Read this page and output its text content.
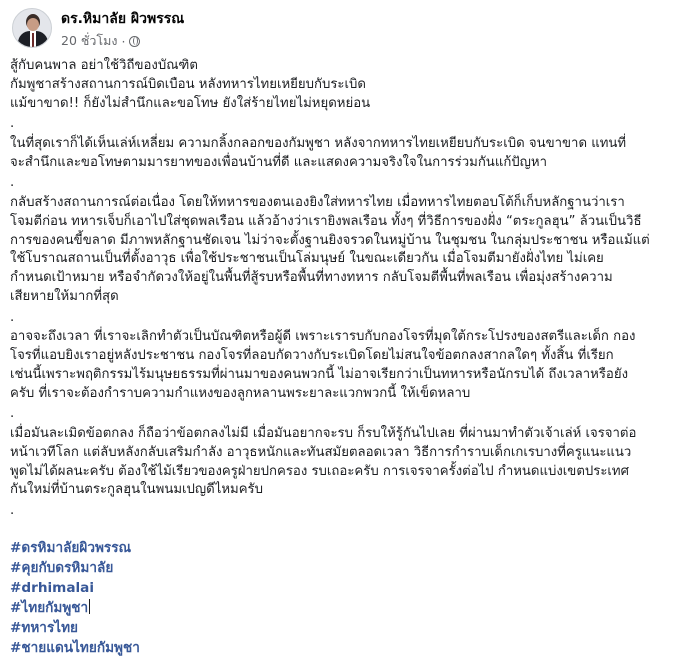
ดร.หิมาลัย ผิวพรรณ
20 ชั่วโมง ·
สู้กับคนพาล อย่าใช้วิถีของบัณฑิต
กัมพูชาสร้างสถานการณ์บิดเบือน หลังทหารไทยเหยียบกับระเบิด
แม้ขาขาด!! ก็ยังไม่สำนึกและขอโทษ ยังใส่ร้ายไทยไม่หยุดหย่อน
.
ในที่สุดเราก็ได้เห็นเล่ห์เหลี่ยม ความกลิ้งกลอกของกัมพูชา หลังจากทหารไทยเหยียบกับระเบิด จนขาขาด แทนที่
จะสำนึกและขอโทษตามมารยาทของเพื่อนบ้านที่ดี และแสดงความจริงใจในการร่วมกันแก้ปัญหา
.
กลับสร้างสถานการณ์ต่อเนื่อง โดยให้ทหารของตนเองยิงใส่ทหารไทย เมื่อทหารไทยตอบโต้ก็เก็บหลักฐานว่าเรา
โจมตีก่อน ทหารเจ็บก็เอาไปใส่ชุดพลเรือน แล้วอ้างว่าเรายิงพลเรือน ทั้งๆ ที่วิธีการของฝั่ง “ตระกูลฮุน” ล้วนเป็นวิธี
การของคนขี้ขลาด มีภาพหลักฐานชัดเจน ไม่ว่าจะตั้งฐานยิงจรวดในหมู่บ้าน ในชุมชน ในกลุ่มประชาชน หรือแม้แต่
ใช้โบราณสถานเป็นที่ตั้งอาวุธ เพื่อใช้ประชาชนเป็นโล่มนุษย์ ในขณะเดียวกัน เมื่อโจมตีมายังฝั่งไทย ไม่เคย
กำหนดเป้าหมาย หรือจำกัดวงให้อยู่ในพื้นที่สู้รบหรือพื้นที่ทางทหาร กลับโจมตีพื้นที่พลเรือน เพื่อมุ่งสร้างความ
เสียหายให้มากที่สุด
.
อาจจะถึงเวลา ที่เราจะเลิกทำตัวเป็นบัณฑิตหรือผู้ดี เพราะเรารบกับกองโจรที่มุดใต้กระโปรงของสตรีและเด็ก กอง
โจรที่แอบยิงเราอยู่หลังประชาชน กองโจรที่ลอบกัดวางกับระเบิดโดยไม่สนใจข้อตกลงสากลใดๆ ทั้งสิ้น ที่เรียก
เช่นนี้เพราะพฤติกรรมไร้มนุษยธรรมที่ผ่านมาของคนพวกนี้ ไม่อาจเรียกว่าเป็นทหารหรือนักรบได้ ถึงเวลาหรือยัง
ครับ ที่เราจะต้องกำราบความกำแหงของลูกหลานพระยาละแวกพวกนี้ ให้เข็ดหลาบ
.
เมื่อมันละเมิดข้อตกลง ก็ถือว่าข้อตกลงไม่มี เมื่อมันอยากจะรบ ก็รบให้รู้กันไปเลย ที่ผ่านมาทำตัวเจ้าเล่ห์ เจรจาต่อ
หน้าเวทีโลก แต่ลับหลังกลับเสริมกำลัง อาวุธหนักและทันสมัยตลอดเวลา วิธีการกำราบเด็กเกเรบางที่ครูแนะแนว
พูดไม่ได้ผลนะครับ ต้องใช้ไม้เรียวของครูฝ่ายปกครอง รบเถอะครับ การเจรจาครั้งต่อไป กำหนดแบ่งเขตประเทศ
กันใหม่ที่บ้านตระกูลฮุนในพนมเปญดีไหมครับ
.
#ดรหิมาลัยผิวพรรณ
#คุยกับดรหิมาลัย
#drhimalai
#ไทยกัมพูชา
#ทหารไทย
#ชายแดนไทยกัมพูชา
